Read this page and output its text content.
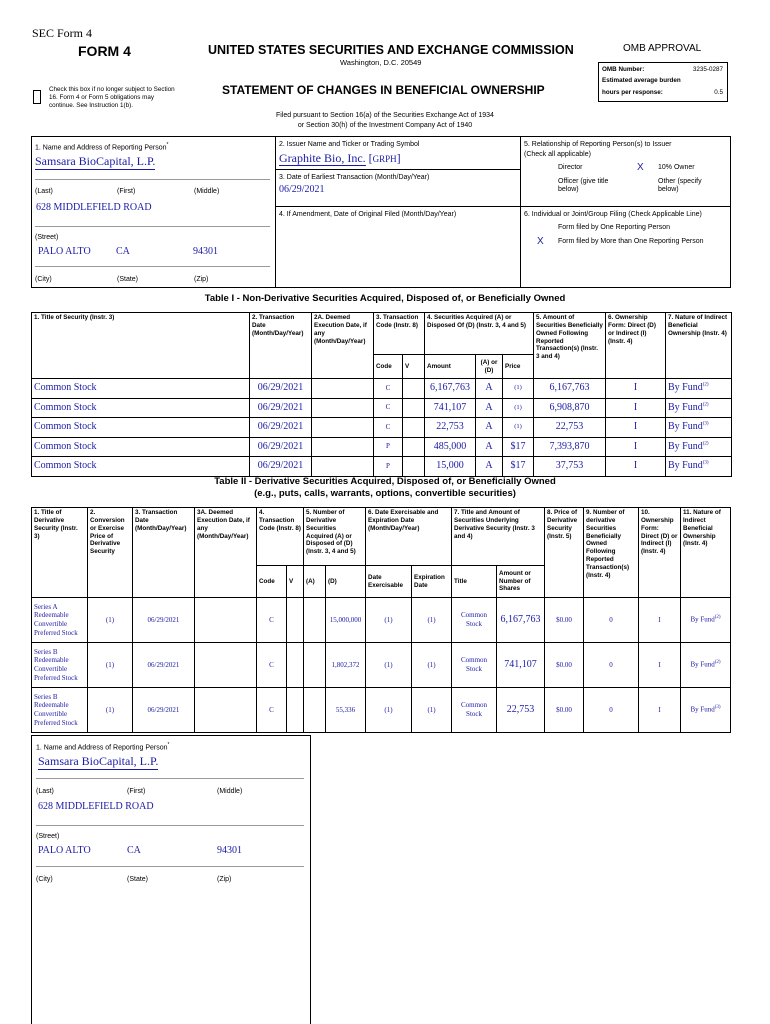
SEC Form 4
FORM 4	UNITED STATES SECURITIES AND EXCHANGE COMMISSION
Washington, D.C. 20549
OMB APPROVAL
OMB Number:	3235-0287
Estimated average burden
hours per response:	0.5
Check this box if no longer subject to Section 16. Form 4 or Form 5 obligations may continue. See Instruction 1(b).
STATEMENT OF CHANGES IN BENEFICIAL OWNERSHIP
Filed pursuant to Section 16(a) of the Securities Exchange Act of 1934
or Section 30(h) of the Investment Company Act of 1940
1. Name and Address of Reporting Person*
Samsara BioCapital, L.P.
(Last)	(First)	(Middle)
628 MIDDLEFIELD ROAD
(Street)
PALO ALTO	CA	94301
(City)	(State)	(Zip)
2. Issuer Name and Ticker or Trading Symbol
Graphite Bio, Inc. [GRPH]
3. Date of Earliest Transaction (Month/Day/Year)
06/29/2021
4. If Amendment, Date of Original Filed (Month/Day/Year)
5. Relationship of Reporting Person(s) to Issuer
(Check all applicable)
Director	X 10% Owner
Officer (give title below)
Other (specify below)
6. Individual or Joint/Group Filing (Check Applicable Line)
Form filed by One Reporting Person
X Form filed by More than One Reporting Person
Table I - Non-Derivative Securities Acquired, Disposed of, or Beneficially Owned
1. Title of Security (Instr. 3)	2. Transaction Date (Month/Day/Year)	2A. Deemed Execution Date, if any (Month/Day/Year)	3. Transaction Code (Instr. 8)		4. Securities Acquired (A) or Disposed Of (D) (Instr. 3, 4 and 5)			5. Amount of Securities Beneficially Owned Following Reported Transaction(s) (Instr. 3 and 4)	6. Ownership Form: Direct (D) or Indirect (I) (Instr. 4)	7. Nature of Indirect Beneficial Ownership (Instr. 4)
			Code	V	Amount	(A) or (D)	Price			
Common Stock	06/29/2021		C		6,167,763	A	(1)	6,167,763	I	By Fund$^{(2)}$
Common Stock	06/29/2021		C		741,107	A	(1)	6,908,870	I	By Fund$^{(2)}$
Common Stock	06/29/2021		C		22,753	A	(1)	22,753	I	By Fund$^{(3)}$
Common Stock	06/29/2021		P		485,000	A	$17	7,393,870	I	By Fund$^{(2)}$
Common Stock	06/29/2021		P		15,000	A	$17	37,753	I	By Fund$^{(3)}$
Table II - Derivative Securities Acquired, Disposed of, or Beneficially Owned
(e.g., puts, calls, warrants, options, convertible securities)
1. Title of Derivative Security (Instr. 3)	2. Conversion or Exercise Price of Derivative Security	3. Transaction Date (Month/Day/Year)	3A. Deemed Execution Date, if any (Month/Day/Year)	4. Transaction Code (Instr. 8)		5. Number of Derivative Securities Acquired (A) or Disposed of (D) (Instr. 3, 4 and 5)		6. Date Exercisable and Expiration Date (Month/Day/Year)		7. Title and Amount of Securities Underlying Derivative Security (Instr. 3 and 4)		8. Price of Derivative Security (Instr. 5)	9. Number of derivative Securities Beneficially Owned Following Reported Transaction(s) (Instr. 4)	10. Ownership Form: Direct (D) or Indirect (I) (Instr. 4)	11. Nature of Indirect Beneficial Ownership (Instr. 4)
				Code	V	(A)	(D)	Date Exercisable	Expiration Date	Title	Amount or Number of Shares				
Series A Redeemable Convertible Preferred Stock	(1)	06/29/2021		C			15,000,000	(1)	(1)	Common Stock	6,167,763	$0.00	0	I	By Fund$^{(2)}$
Series B Redeemable Convertible Preferred Stock	(1)	06/29/2021		C			1,802,372	(1)	(1)	Common Stock	741,107	$0.00	0	I	By Fund$^{(2)}$
Series B Redeemable Convertible Preferred Stock	(1)	06/29/2021		C			55,336	(1)	(1)	Common Stock	22,753	$0.00	0	I	By Fund$^{(3)}$
1. Name and Address of Reporting Person*
Samsara BioCapital, L.P.
(Last)	(First)	(Middle)
628 MIDDLEFIELD ROAD
(Street)
PALO ALTO	CA	94301
(City)	(State)	(Zip)
